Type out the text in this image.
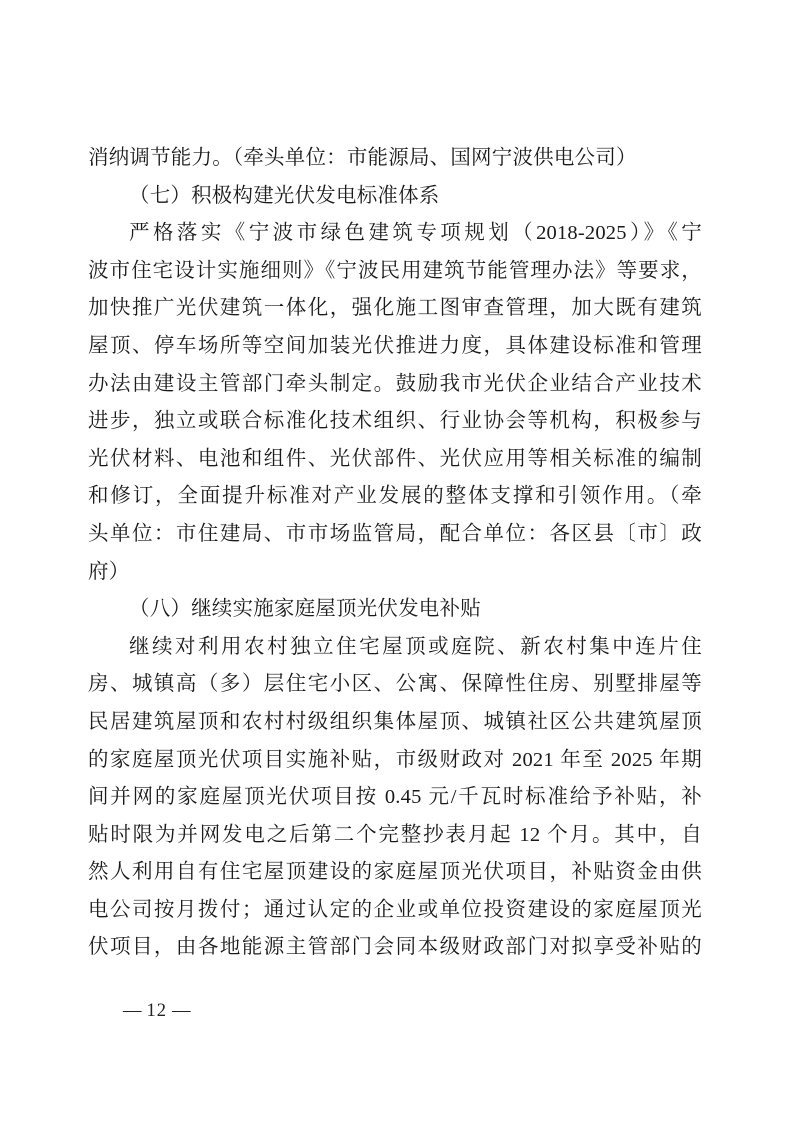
消纳调节能力。（牵头单位：市能源局、国网宁波供电公司）
（七）积极构建光伏发电标准体系
严格落实《宁波市绿色建筑专项规划（2018-2025）》《宁
波市住宅设计实施细则》《宁波民用建筑节能管理办法》等要求，
加快推广光伏建筑一体化，强化施工图审查管理，加大既有建筑
屋顶、停车场所等空间加装光伏推进力度，具体建设标准和管理
办法由建设主管部门牵头制定。鼓励我市光伏企业结合产业技术
进步，独立或联合标准化技术组织、行业协会等机构，积极参与
光伏材料、电池和组件、光伏部件、光伏应用等相关标准的编制
和修订，全面提升标准对产业发展的整体支撑和引领作用。（牵
头单位：市住建局、市市场监管局，配合单位：各区县〔市〕政
府）
（八）继续实施家庭屋顶光伏发电补贴
继续对利用农村独立住宅屋顶或庭院、新农村集中连片住
房、城镇高（多）层住宅小区、公寓、保障性住房、别墅排屋等
民居建筑屋顶和农村村级组织集体屋顶、城镇社区公共建筑屋顶
的家庭屋顶光伏项目实施补贴，市级财政对 2021 年至 2025 年期
间并网的家庭屋顶光伏项目按 0.45 元/千瓦时标准给予补贴，补
贴时限为并网发电之后第二个完整抄表月起 12 个月。其中，自
然人利用自有住宅屋顶建设的家庭屋顶光伏项目，补贴资金由供
电公司按月拨付；通过认定的企业或单位投资建设的家庭屋顶光
伏项目，由各地能源主管部门会同本级财政部门对拟享受补贴的
— 12 —
